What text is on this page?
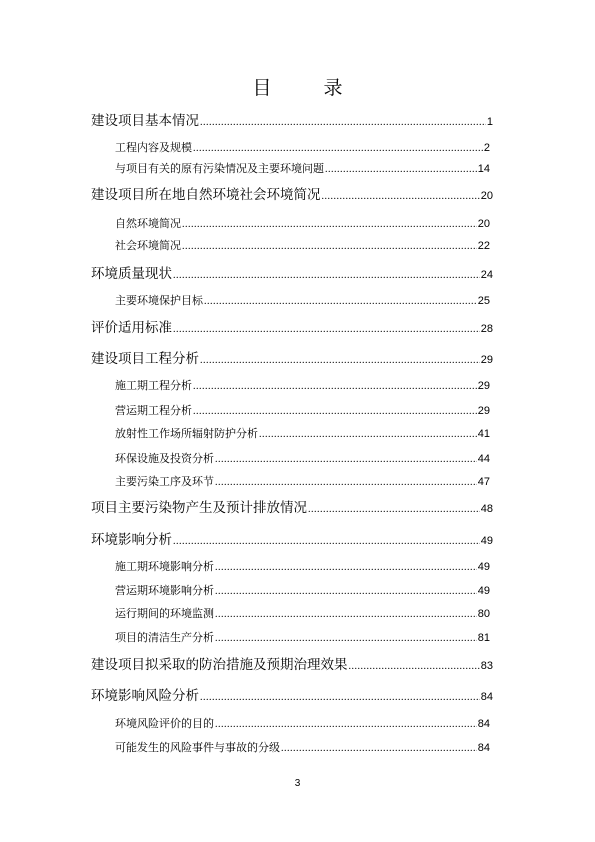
目录
建设项目基本情况 .....	1
工程内容及规模 .....	2
与项目有关的原有污染情况及主要环境问题 .....	14
建设项目所在地自然环境社会环境简况 .....	20
自然环境简况 .....	20
社会环境简况 .....	22
环境质量现状 .....	24
主要环境保护目标 .....	25
评价适用标准 .....	28
建设项目工程分析 .....	29
施工期工程分析 .....	29
营运期工程分析 .....	29
放射性工作场所辐射防护分析 .....	41
环保设施及投资分析 .....	44
主要污染工序及环节 .....	47
项目主要污染物产生及预计排放情况 .....	48
环境影响分析 .....	49
施工期环境影响分析 .....	49
营运期环境影响分析 .....	49
运行期间的环境监测 .....	80
项目的清洁生产分析 .....	81
建设项目拟采取的防治措施及预期治理效果 .....	83
环境影响风险分析 .....	84
环境风险评价的目的 .....	84
可能发生的风险事件与事故的分级 .....	84
3
